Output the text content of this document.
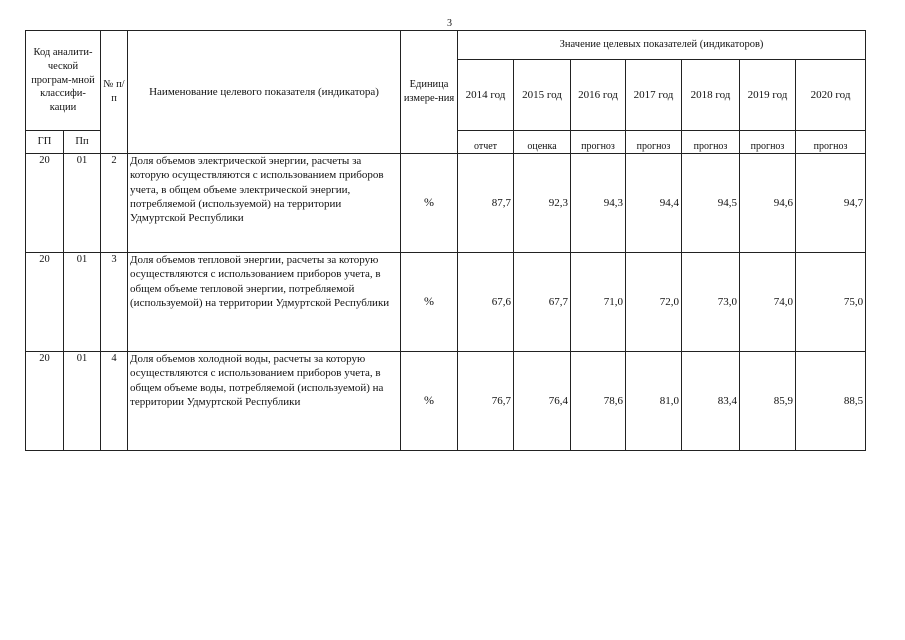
3
Код аналити-ческой програм-мной классифи-кации		№ п/п	Наименование целевого показателя (индикатора)	Единица измере-ния	Значение целевых показателей (индикаторов)						
					2014 год	2015 год	2016 год	2017 год	2018 год	2019 год	2020 год
ГП	Пп				отчет	оценка	прогноз	прогноз	прогноз	прогноз	прогноз

20	01	2	Доля объемов электрической энергии, расчеты за которую осуществляются с использованием приборов учета, в общем объеме электрической энергии, потребляемой (используемой) на территории Удмуртской Республики	%	87,7	92,3	94,3	94,4	94,5	94,6	94,7
20	01	3	Доля объемов тепловой энергии, расчеты за которую осуществляются с использованием приборов учета, в общем объеме тепловой энергии, потребляемой (используемой) на территории Удмуртской Республики	%	67,6	67,7	71,0	72,0	73,0	74,0	75,0
20	01	4	Доля объемов холодной воды, расчеты за которую осуществляются с использованием приборов учета, в общем объеме воды, потребляемой (используемой) на территории Удмуртской Республики	%	76,7	76,4	78,6	81,0	83,4	85,9	88,5
